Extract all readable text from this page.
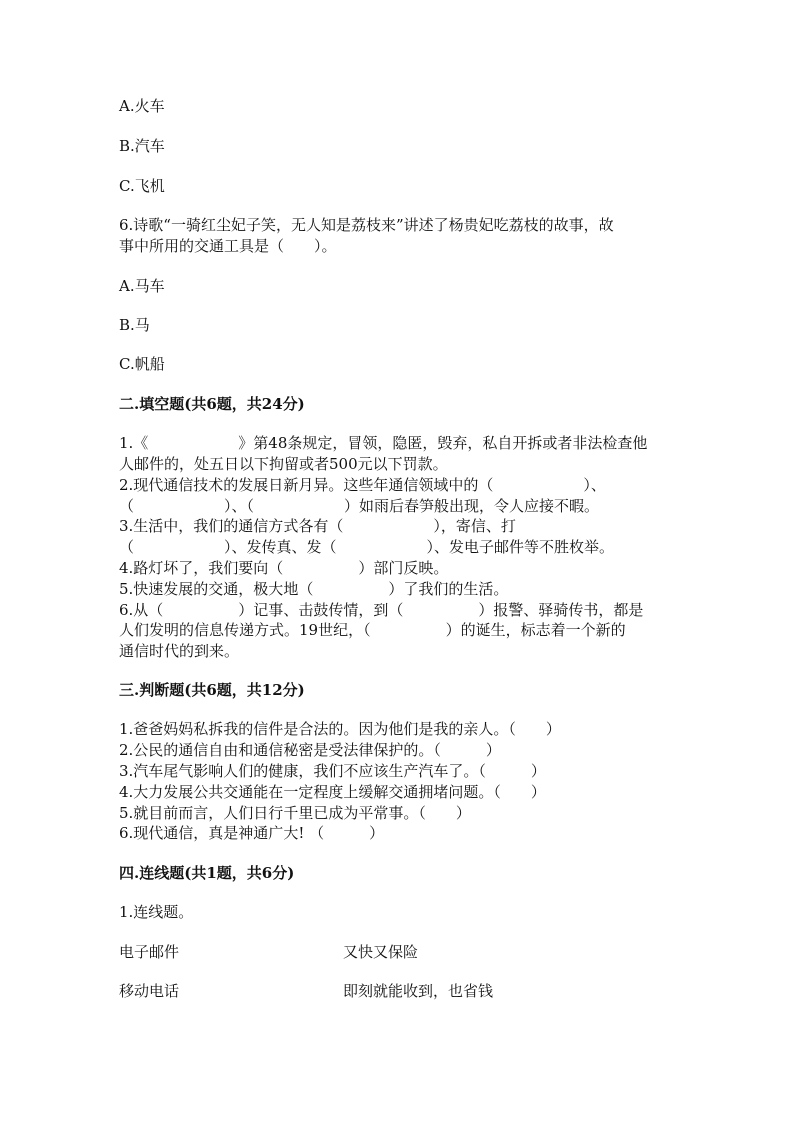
A.火车
B.汽车
C.飞机
6.诗歌“一骑红尘妃子笑，无人知是荔枝来”讲述了杨贵妃吃荔枝的故事，故
事中所用的交通工具是（　　）。
A.马车
B.马
C.帆船
二.填空题(共6题，共24分)
1.《　　　　　　》第48条规定，冒领，隐匿，毁弃，私自开拆或者非法检查他
人邮件的，处五日以下拘留或者500元以下罚款。
2.现代通信技术的发展日新月异。这些年通信领域中的（　　　　　　）、
（　　　　　　）、（　　　　　　）如雨后春笋般出现，令人应接不暇。
3.生活中，我们的通信方式各有（　　　　　　），寄信、打
（　　　　　　）、发传真、发（　　　　　　）、发电子邮件等不胜枚举。
4.路灯坏了，我们要向（　　　　　）部门反映。
5.快速发展的交通，极大地（　　　　　）了我们的生活。
6.从（　　　　　）记事、击鼓传情，到（　　　　　）报警、驿骑传书，都是
人们发明的信息传递方式。19世纪，（　　　　　）的诞生，标志着一个新的
通信时代的到来。
三.判断题(共6题，共12分)
1.爸爸妈妈私拆我的信件是合法的。因为他们是我的亲人。（　　）
2.公民的通信自由和通信秘密是受法律保护的。（　　　）
3.汽车尾气影响人们的健康，我们不应该生产汽车了。（　　　）
4.大力发展公共交通能在一定程度上缓解交通拥堵问题。（　　）
5.就目前而言，人们日行千里已成为平常事。（　　）
6.现代通信，真是神通广大! （　　　）
四.连线题(共1题，共6分)
1.连线题。
电子邮件	又快又保险
移动电话	即刻就能收到，也省钱
